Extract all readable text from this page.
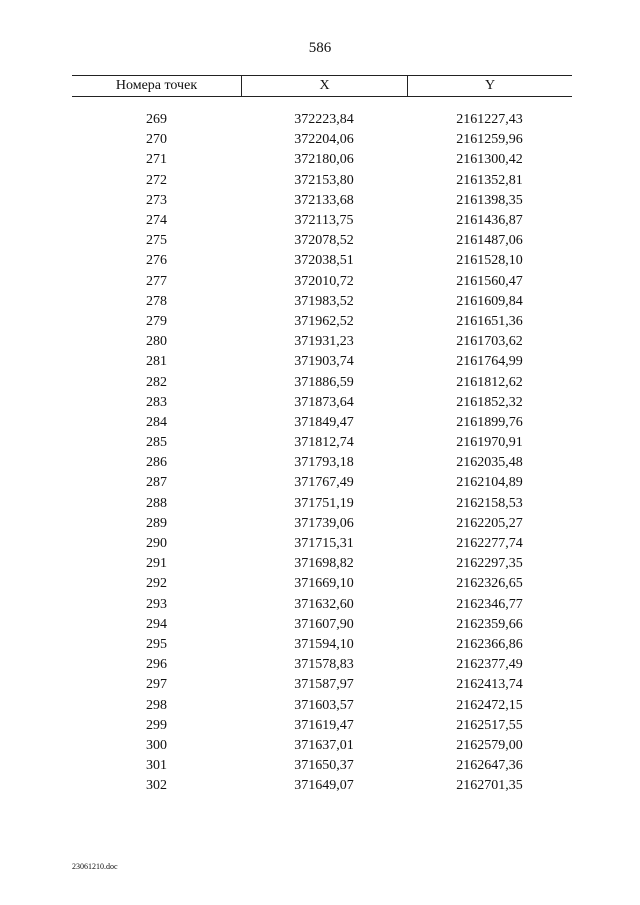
586
Номера точек	X	Y
269	372223,84	2161227,43
270	372204,06	2161259,96
271	372180,06	2161300,42
272	372153,80	2161352,81
273	372133,68	2161398,35
274	372113,75	2161436,87
275	372078,52	2161487,06
276	372038,51	2161528,10
277	372010,72	2161560,47
278	371983,52	2161609,84
279	371962,52	2161651,36
280	371931,23	2161703,62
281	371903,74	2161764,99
282	371886,59	2161812,62
283	371873,64	2161852,32
284	371849,47	2161899,76
285	371812,74	2161970,91
286	371793,18	2162035,48
287	371767,49	2162104,89
288	371751,19	2162158,53
289	371739,06	2162205,27
290	371715,31	2162277,74
291	371698,82	2162297,35
292	371669,10	2162326,65
293	371632,60	2162346,77
294	371607,90	2162359,66
295	371594,10	2162366,86
296	371578,83	2162377,49
297	371587,97	2162413,74
298	371603,57	2162472,15
299	371619,47	2162517,55
300	371637,01	2162579,00
301	371650,37	2162647,36
302	371649,07	2162701,35
23061210.doc
